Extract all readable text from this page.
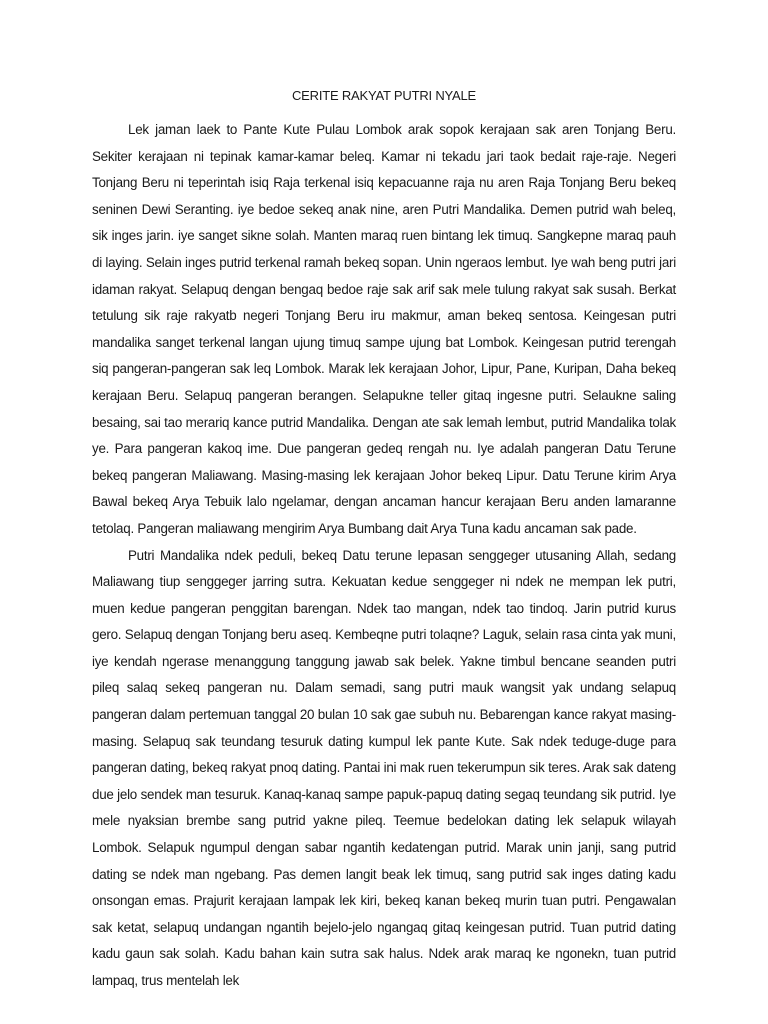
CERITE RAKYAT PUTRI NYALE

Lek jaman laek to Pante Kute Pulau Lombok arak sopok kerajaan sak aren Tonjang Beru. Sekiter kerajaan ni tepinak kamar-kamar beleq. Kamar ni tekadu jari taok bedait raje-raje. Negeri Tonjang Beru ni teperintah isiq Raja terkenal isiq kepacuanne raja nu aren Raja Tonjang Beru bekeq seninen Dewi Seranting. iye bedoe sekeq anak nine, aren Putri Mandalika. Demen putrid wah beleq, sik inges jarin. iye sanget sikne solah. Manten maraq ruen bintang lek timuq. Sangkepne maraq pauh di laying. Selain inges putrid terkenal ramah bekeq sopan. Unin ngeraos lembut. Iye wah beng putri jari idaman rakyat. Selapuq dengan bengaq bedoe raje sak arif sak mele tulung rakyat sak susah. Berkat tetulung sik raje rakyatb negeri Tonjang Beru iru makmur, aman bekeq sentosa. Keingesan putri mandalika sanget terkenal langan ujung timuq sampe ujung bat Lombok. Keingesan putrid terengah siq pangeran-pangeran sak leq Lombok. Marak lek kerajaan Johor, Lipur, Pane, Kuripan, Daha bekeq kerajaan Beru. Selapuq pangeran berangen. Selapukne teller gitaq ingesne putri. Selaukne saling besaing, sai tao merariq kance putrid Mandalika. Dengan ate sak lemah lembut, putrid Mandalika tolak ye. Para pangeran kakoq ime. Due pangeran gedeq rengah nu. Iye adalah pangeran Datu Terune bekeq pangeran Maliawang. Masing-masing lek kerajaan Johor bekeq Lipur. Datu Terune kirim Arya Bawal bekeq Arya Tebuik lalo ngelamar, dengan ancaman hancur kerajaan Beru anden lamaranne tetolaq. Pangeran maliawang mengirim Arya Bumbang dait Arya Tuna kadu ancaman sak pade.

Putri Mandalika ndek peduli, bekeq Datu terune lepasan senggeger utusaning Allah, sedang Maliawang tiup senggeger jarring sutra. Kekuatan kedue senggeger ni ndek ne mempan lek putri, muen kedue pangeran penggitan barengan. Ndek tao mangan, ndek tao tindoq. Jarin putrid kurus gero. Selapuq dengan Tonjang beru aseq. Kembeqne putri tolaqne? Laguk, selain rasa cinta yak muni, iye kendah ngerase menanggung tanggung jawab sak belek. Yakne timbul bencane seanden putri pileq salaq sekeq pangeran nu. Dalam semadi, sang putri mauk wangsit yak undang selapuq pangeran dalam pertemuan tanggal 20 bulan 10 sak gae subuh nu. Bebarengan kance rakyat masing-masing. Selapuq sak teundang tesuruk dating kumpul lek pante Kute. Sak ndek teduge-duge para pangeran dating, bekeq rakyat pnoq dating. Pantai ini mak ruen tekerumpun sik teres. Arak sak dateng due jelo sendek man tesuruk. Kanaq-kanaq sampe papuk-papuq dating segaq teundang sik putrid. Iye mele nyaksian brembe sang putrid yakne pileq. Teemue bedelokan dating lek selapuk wilayah Lombok. Selapuk ngumpul dengan sabar ngantih kedatengan putrid. Marak unin janji, sang putrid dating se ndek man ngebang. Pas demen langit beak lek timuq, sang putrid sak inges dating kadu onsongan emas. Prajurit kerajaan lampak lek kiri, bekeq kanan bekeq murin tuan putri. Pengawalan sak ketat, selapuq undangan ngantih bejelo-jelo ngangaq gitaq keingesan putrid. Tuan putrid dating kadu gaun sak solah. Kadu bahan kain sutra sak halus. Ndek arak maraq ke ngonekn, tuan putrid lampaq, trus mentelah lek
